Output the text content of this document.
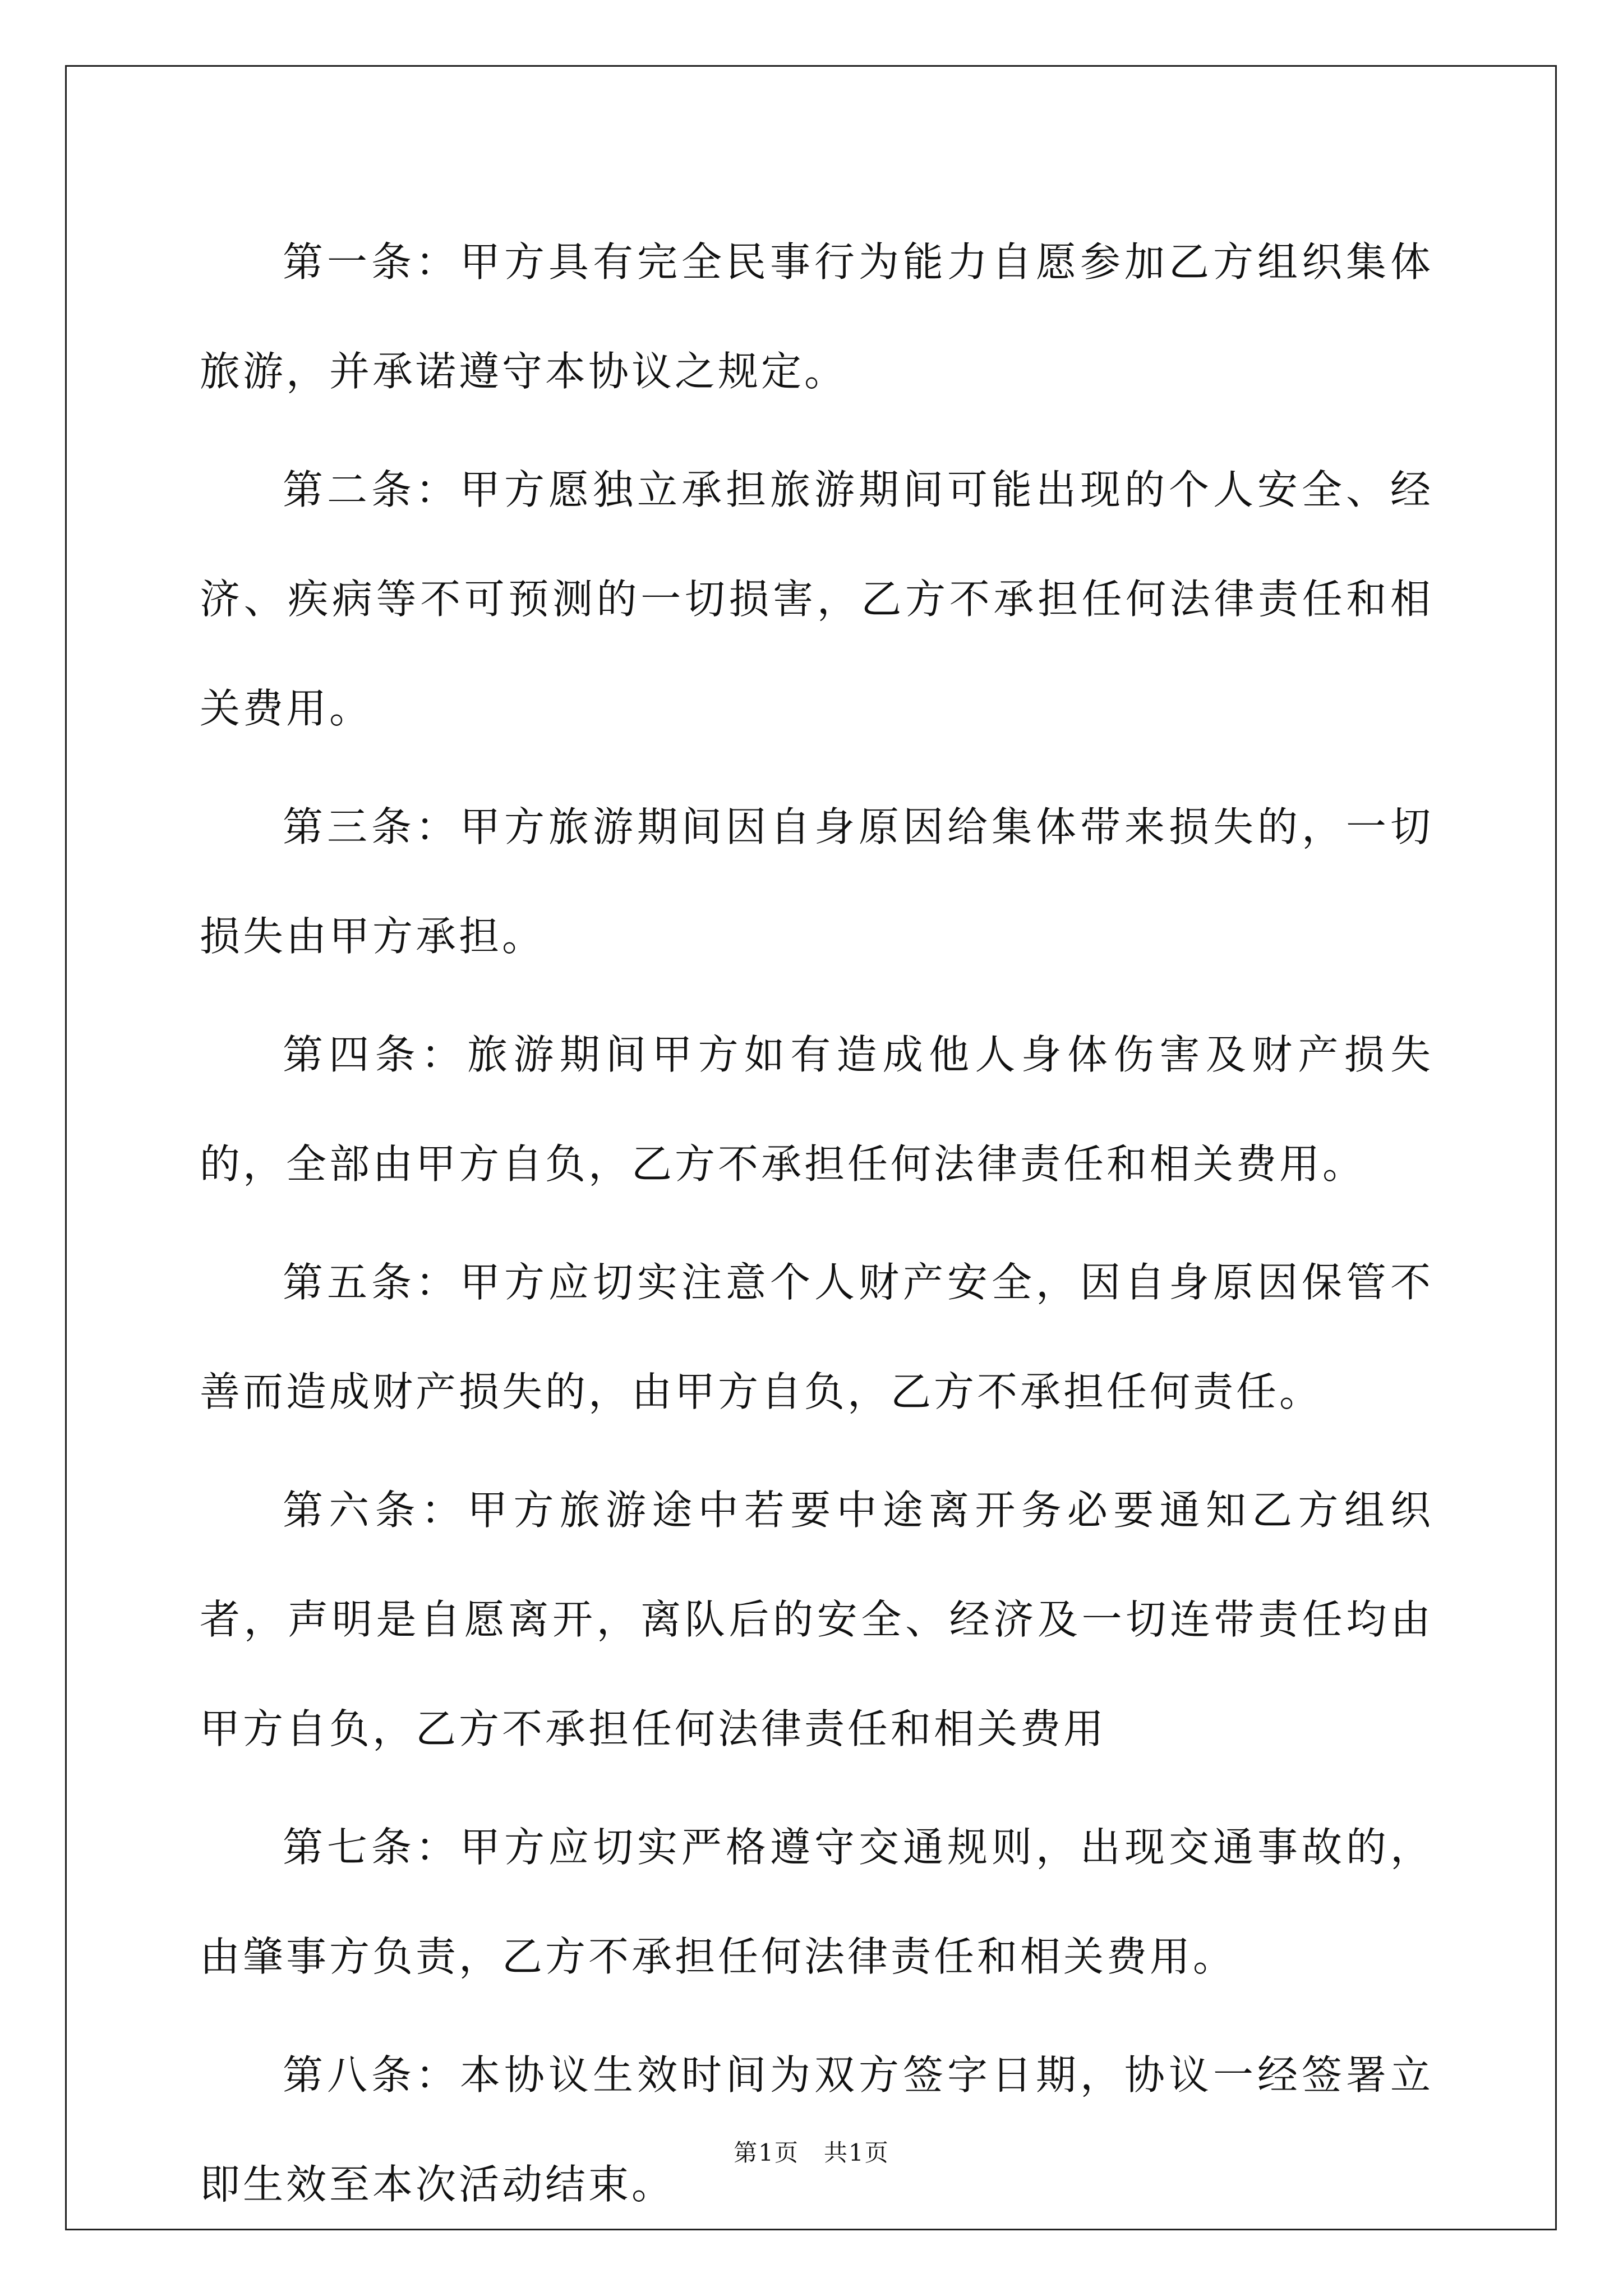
第一条：甲方具有完全民事行为能力自愿参加乙方组织集体旅游，并承诺遵守本协议之规定。

第二条：甲方愿独立承担旅游期间可能出现的个人安全、经济、疾病等不可预测的一切损害，乙方不承担任何法律责任和相关费用。

第三条：甲方旅游期间因自身原因给集体带来损失的，一切损失由甲方承担。

第四条：旅游期间甲方如有造成他人身体伤害及财产损失的，全部由甲方自负，乙方不承担任何法律责任和相关费用。

第五条：甲方应切实注意个人财产安全，因自身原因保管不善而造成财产损失的，由甲方自负，乙方不承担任何责任。

第六条：甲方旅游途中若要中途离开务必要通知乙方组织者，声明是自愿离开，离队后的安全、经济及一切连带责任均由甲方自负，乙方不承担任何法律责任和相关费用

第七条：甲方应切实严格遵守交通规则，出现交通事故的，由肇事方负责，乙方不承担任何法律责任和相关费用。

第八条：本协议生效时间为双方签字日期，协议一经签署立即生效至本次活动结束。

第1页　共1页
